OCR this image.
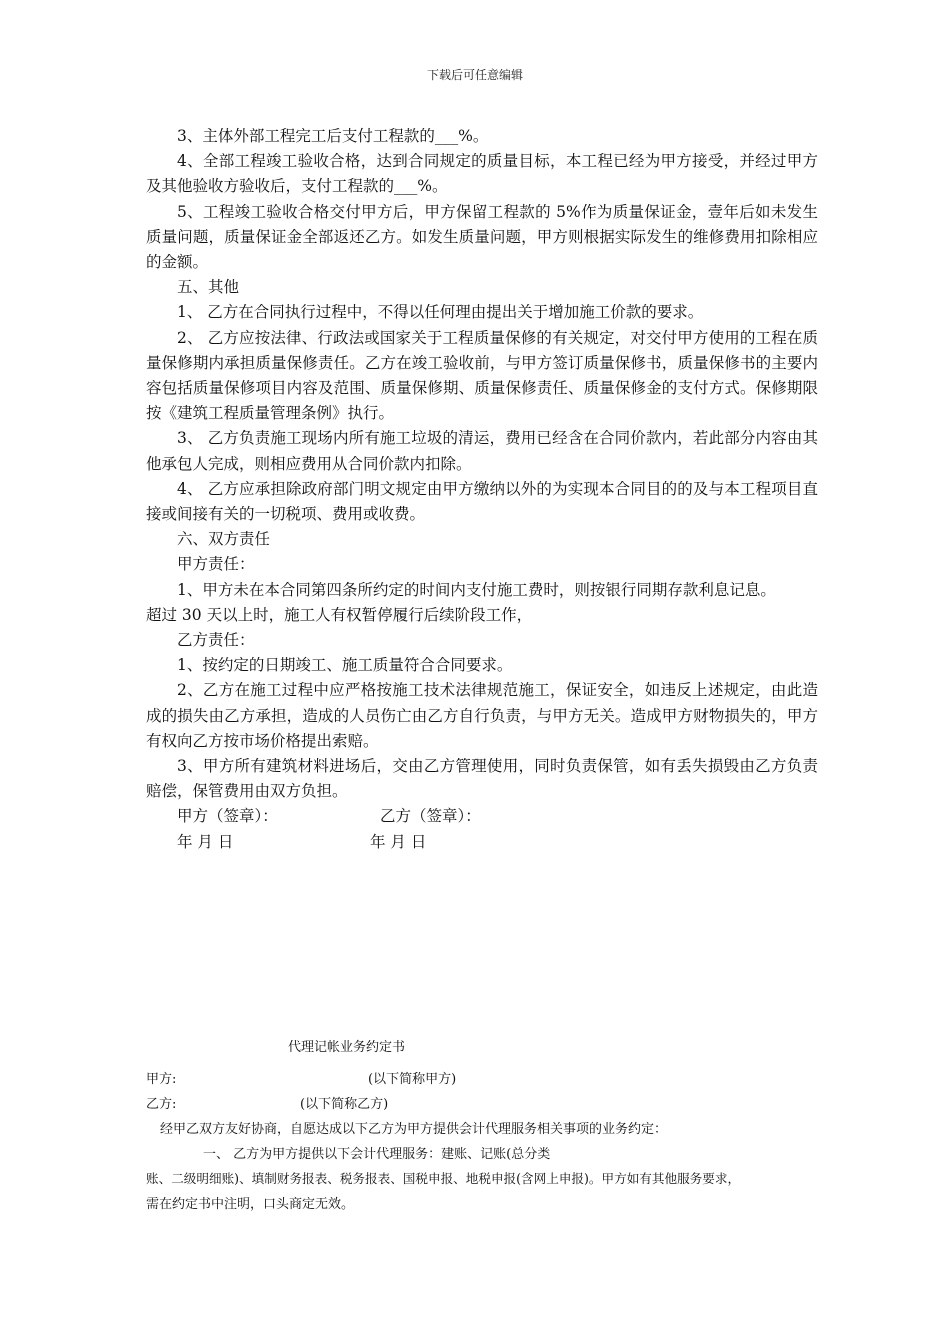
下载后可任意编辑

3、主体外部工程完工后支付工程款的___%。

4、全部工程竣工验收合格，达到合同规定的质量目标，本工程已经为甲方接受，并经过甲方及其他验收方验收后，支付工程款的___%。

5、工程竣工验收合格交付甲方后，甲方保留工程款的 5%作为质量保证金，壹年后如未发生质量问题，质量保证金全部返还乙方。如发生质量问题，甲方则根据实际发生的维修费用扣除相应的金额。

五、其他

1、 乙方在合同执行过程中，不得以任何理由提出关于增加施工价款的要求。

2、 乙方应按法律、行政法或国家关于工程质量保修的有关规定，对交付甲方使用的工程在质量保修期内承担质量保修责任。乙方在竣工验收前，与甲方签订质量保修书，质量保修书的主要内容包括质量保修项目内容及范围、质量保修期、质量保修责任、质量保修金的支付方式。保修期限按《建筑工程质量管理条例》执行。

3、 乙方负责施工现场内所有施工垃圾的清运，费用已经含在合同价款内，若此部分内容由其他承包人完成，则相应费用从合同价款内扣除。

4、 乙方应承担除政府部门明文规定由甲方缴纳以外的为实现本合同目的的及与本工程项目直接或间接有关的一切税项、费用或收费。

六、双方责任

甲方责任：

1、甲方未在本合同第四条所约定的时间内支付施工费时，则按银行同期存款利息记息。

超过 30 天以上时，施工人有权暂停履行后续阶段工作，

乙方责任：

1、按约定的日期竣工、施工质量符合合同要求。

2、乙方在施工过程中应严格按施工技术法律规范施工，保证安全，如违反上述规定，由此造成的损失由乙方承担，造成的人员伤亡由乙方自行负责，与甲方无关。造成甲方财物损失的，甲方有权向乙方按市场价格提出索赔。

3、甲方所有建筑材料进场后，交由乙方管理使用，同时负责保管，如有丢失损毁由乙方负责赔偿，保管费用由双方负担。

甲方（签章）：	乙方（签章）：
年 月 日	年 月 日
代理记帐业务约定书
甲方:	(以下简称甲方)
乙方:	(以下简称乙方)
经甲乙双方友好协商，自愿达成以下乙方为甲方提供会计代理服务相关事项的业务约定：
一、 乙方为甲方提供以下会计代理服务：建账、记账(总分类
账、二级明细账)、填制财务报表、税务报表、国税申报、地税申报(含网上申报)。甲方如有其他服务要求，
需在约定书中注明，口头商定无效。
